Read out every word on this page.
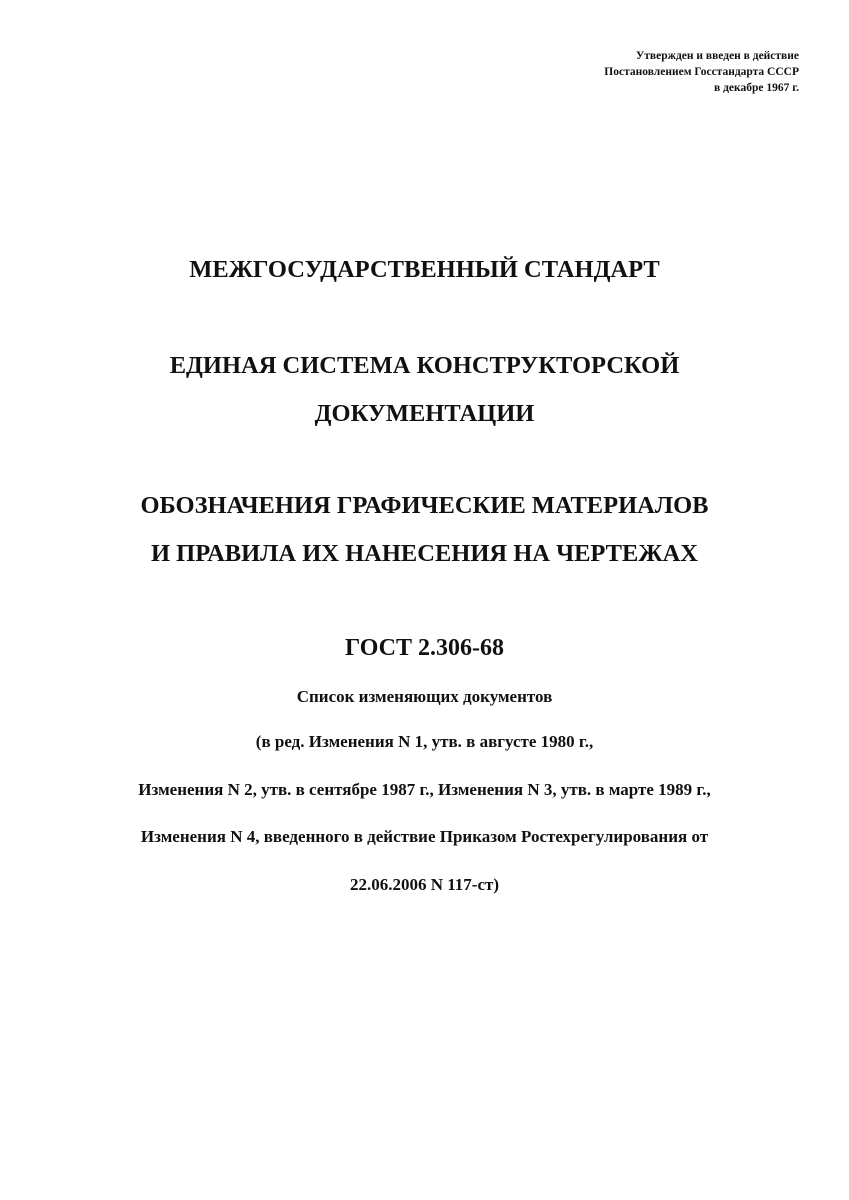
Утвержден и введен в действие
Постановлением Госстандарта СССР
в декабре 1967 г.
МЕЖГОСУДАРСТВЕННЫЙ СТАНДАРТ
ЕДИНАЯ СИСТЕМА КОНСТРУКТОРСКОЙ
ДОКУМЕНТАЦИИ
ОБОЗНАЧЕНИЯ ГРАФИЧЕСКИЕ МАТЕРИАЛОВ
И ПРАВИЛА ИХ НАНЕСЕНИЯ НА ЧЕРТЕЖАХ
ГОСТ 2.306-68
Список изменяющих документов
(в ред. Изменения N 1, утв. в августе 1980 г.,
Изменения N 2, утв. в сентябре 1987 г., Изменения N 3, утв. в марте 1989 г.,
Изменения N 4, введенного в действие Приказом Ростехрегулирования от
22.06.2006 N 117-ст)
